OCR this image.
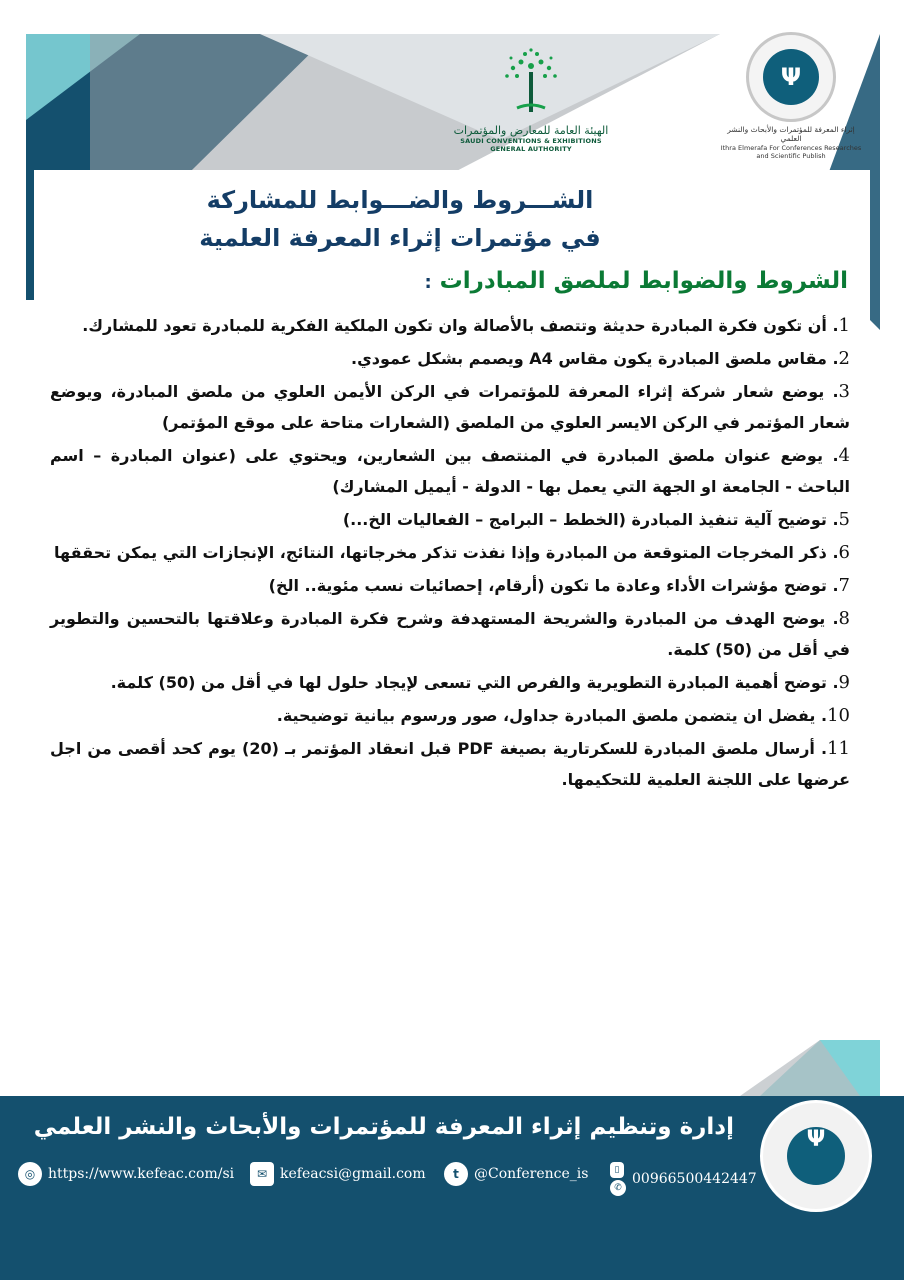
Ψ
إثراء المعرفة للمؤتمرات والأبحاث والنشر العلمي
Ithra Elmerafa For Conferences Researches and Scientific Publish
الهيئة العامة للمعارض والمؤتمرات
SAUDI CONVENTIONS & EXHIBITIONS GENERAL AUTHORITY
الشـــروط والضـــوابط للمشاركة
في مؤتمرات إثراء المعرفة العلمية
الشروط والضوابط لملصق المبادرات :
1. أن تكون فكرة المبادرة حديثة وتتصف بالأصالة وان تكون الملكية الفكرية للمبادرة تعود للمشارك.
2. مقاس ملصق المبادرة يكون مقاس A4 ويصمم بشكل عمودي.
3. يوضع شعار شركة إثراء المعرفة للمؤتمرات في الركن الأيمن العلوي من ملصق المبادرة، ويوضع شعار المؤتمر في الركن الايسر العلوي من الملصق (الشعارات متاحة على موقع المؤتمر)
4. يوضع عنوان ملصق المبادرة في المنتصف بين الشعارين، ويحتوي على (عنوان المبادرة – اسم الباحث - الجامعة او الجهة التي يعمل بها - الدولة - أيميل المشارك)
5. توضيح آلية تنفيذ المبادرة (الخطط – البرامج – الفعاليات الخ...)
6. ذكر المخرجات المتوقعة من المبادرة وإذا نفذت تذكر مخرجاتها، النتائج، الإنجازات التي يمكن تحققها
7. توضح مؤشرات الأداء وعادة ما تكون (أرقام، إحصائيات نسب مئوية.. الخ)
8. يوضح الهدف من المبادرة والشريحة المستهدفة وشرح فكرة المبادرة وعلاقتها بالتحسين والتطوير في أقل من (50) كلمة.
9. توضح أهمية المبادرة التطويرية والفرص التي تسعى لإيجاد حلول لها في أقل من (50) كلمة.
10. يفضل ان يتضمن ملصق المبادرة جداول، صور ورسوم بيانية توضيحية.
11. أرسال ملصق المبادرة للسكرتارية بصيغة PDF قبل انعقاد المؤتمر بـ (20) يوم كحد أقصى من اجل عرضها على اللجنة العلمية للتحكيمها.
إدارة وتنظيم إثراء المعرفة للمؤتمرات والأبحاث والنشر العلمي
◎ https://www.kefeac.com/si	✉ kefeacsi@gmail.com	t	@Conference_is	▯
✆
00966500442447
Ψ
